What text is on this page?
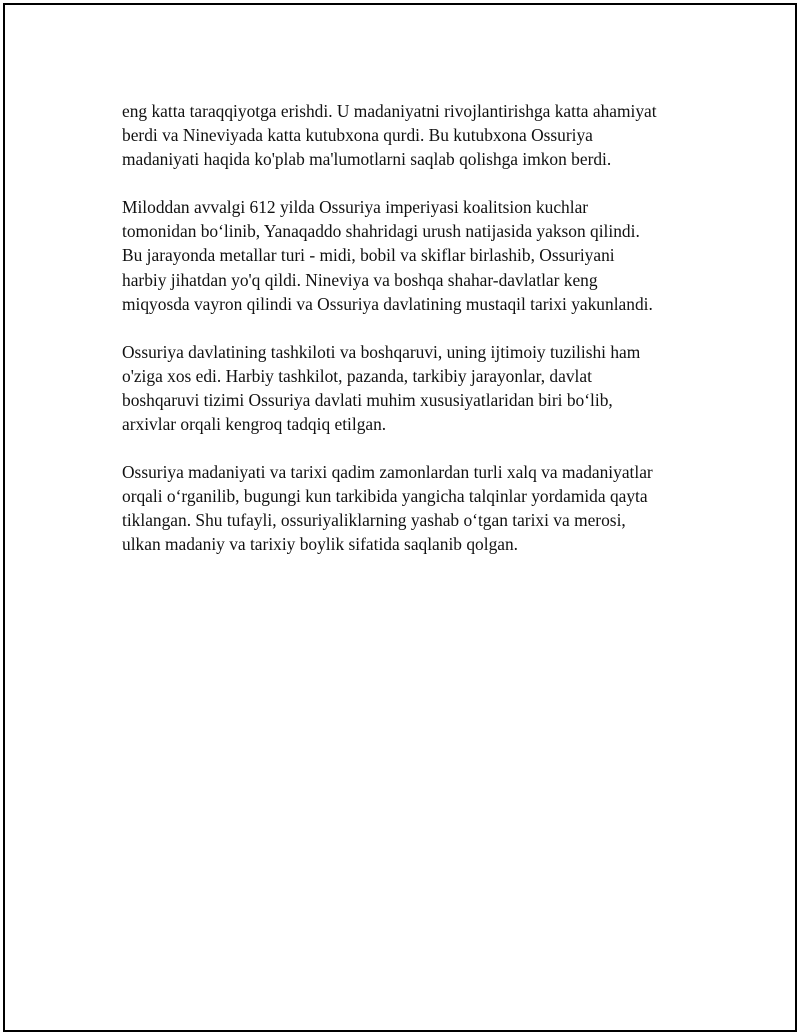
eng katta taraqqiyotga erishdi. U madaniyatni rivojlantirishga katta ahamiyat
berdi va Nineviyada katta kutubxona qurdi. Bu kutubxona Ossuriya
madaniyati haqida ko'plab ma'lumotlarni saqlab qolishga imkon berdi.

Miloddan avvalgi 612 yilda Ossuriya imperiyasi koalitsion kuchlar
tomonidan bo‘linib, Yanaqaddo shahridagi urush natijasida yakson qilindi.
Bu jarayonda metallar turi - midi, bobil va skiflar birlashib, Ossuriyani
harbiy jihatdan yo'q qildi. Nineviya va boshqa shahar-davlatlar keng
miqyosda vayron qilindi va Ossuriya davlatining mustaqil tarixi yakunlandi.

Ossuriya davlatining tashkiloti va boshqaruvi, uning ijtimoiy tuzilishi ham
o'ziga xos edi. Harbiy tashkilot, pazanda, tarkibiy jarayonlar, davlat
boshqaruvi tizimi Ossuriya davlati muhim xususiyatlaridan biri bo‘lib,
arxivlar orqali kengroq tadqiq etilgan.

Ossuriya madaniyati va tarixi qadim zamonlardan turli xalq va madaniyatlar
orqali o‘rganilib, bugungi kun tarkibida yangicha talqinlar yordamida qayta
tiklangan. Shu tufayli, ossuriyaliklarning yashab o‘tgan tarixi va merosi,
ulkan madaniy va tarixiy boylik sifatida saqlanib qolgan.
